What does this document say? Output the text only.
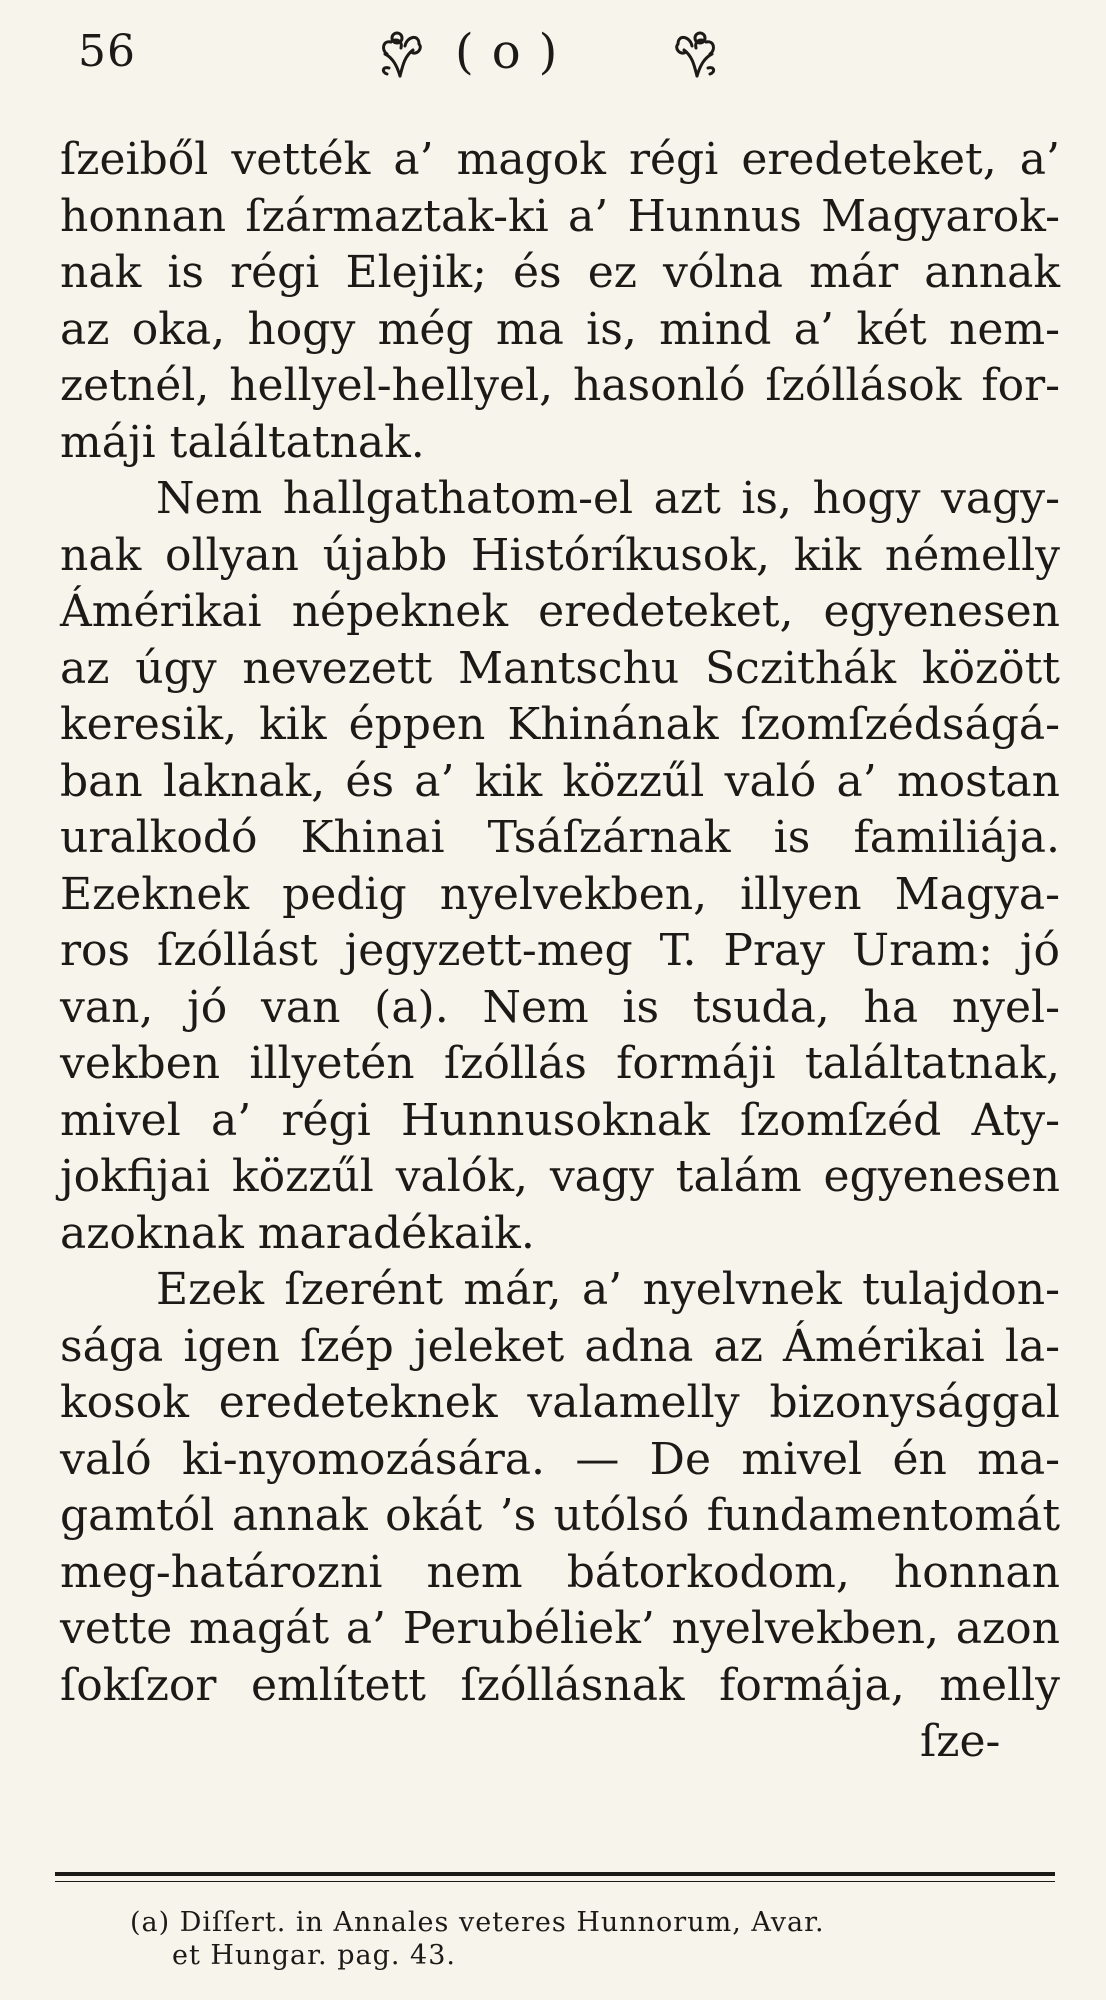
56	(o)
ſzeiből vették a’ magok régi eredeteket, a’
honnan ſzármaztak-ki a’ Hunnus Magyarok-
nak is régi Elejik; és ez vólna már annak
az oka, hogy még ma is, mind a’ két nem-
zetnél, hellyel-hellyel, hasonló ſzóllások for-
máji találtatnak.
Nem hallgathatom-el azt is, hogy vagy-
nak ollyan újabb Históríkusok, kik némelly
Ámérikai népeknek eredeteket, egyenesen
az úgy nevezett Mantschu Sczithák között
keresik, kik éppen Khinának ſzomſzédságá-
ban laknak, és a’ kik közzűl való a’ mostan
uralkodó Khinai Tsáſzárnak is familiája.
Ezeknek pedig nyelvekben, illyen Magya-
ros ſzóllást jegyzett-meg T. Pray Uram: jó
van, jó van (a). Nem is tsuda, ha nyel-
vekben illyetén ſzóllás formáji találtatnak,
mivel a’ régi Hunnusoknak ſzomſzéd Aty-
jokfijai közzűl valók, vagy talám egyenesen
azoknak maradékaik.
Ezek ſzerént már, a’ nyelvnek tulajdon-
sága igen ſzép jeleket adna az Ámérikai la-
kosok eredeteknek valamelly bizonysággal
való ki-nyomozására. — De mivel én ma-
gamtól annak okát ’s utólsó fundamentomát
meg-határozni nem bátorkodom, honnan
vette magát a’ Perubéliek’ nyelvekben, azon
ſokſzor említett ſzóllásnak formája, melly
ſze-
(a) Diſſert. in Annales veteres Hunnorum, Avar.
et Hungar. pag. 43.
